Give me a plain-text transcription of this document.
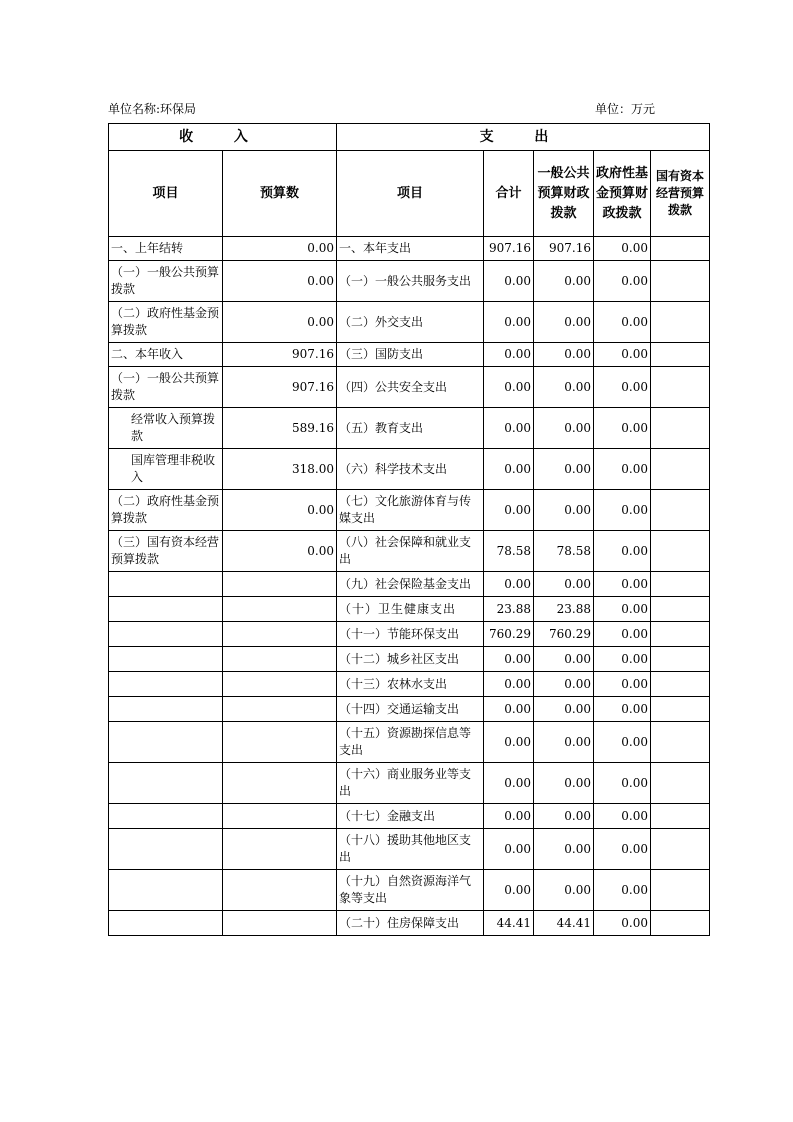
单位名称:环保局	单位：万元
收 入		支 出				
项目	预算数	项目	合计	一般公共预算财政拨款	政府性基金预算财政拨款	国有资本经营预算拨款
一、上年结转	0.00	一、本年支出	907.16	907.16	0.00	
（一）一般公共预算拨款	0.00	（一）一般公共服务支出	0.00	0.00	0.00	
（二）政府性基金预算拨款	0.00	（二）外交支出	0.00	0.00	0.00	
二、本年收入	907.16	（三）国防支出	0.00	0.00	0.00	
（一）一般公共预算拨款	907.16	（四）公共安全支出	0.00	0.00	0.00	
经常收入预算拨款	589.16	（五）教育支出	0.00	0.00	0.00	
国库管理非税收入	318.00	（六）科学技术支出	0.00	0.00	0.00	
（二）政府性基金预算拨款	0.00	（七）文化旅游体育与传媒支出	0.00	0.00	0.00	
（三）国有资本经营预算拨款	0.00	（八）社会保障和就业支出	78.58	78.58	0.00	
		（九）社会保险基金支出	0.00	0.00	0.00	
		（十）卫生健康支出	23.88	23.88	0.00	
		（十一）节能环保支出	760.29	760.29	0.00	
		（十二）城乡社区支出	0.00	0.00	0.00	
		（十三）农林水支出	0.00	0.00	0.00	
		（十四）交通运输支出	0.00	0.00	0.00	
		（十五）资源勘探信息等支出	0.00	0.00	0.00	
		（十六）商业服务业等支出	0.00	0.00	0.00	
		（十七）金融支出	0.00	0.00	0.00	
		（十八）援助其他地区支出	0.00	0.00	0.00	
		（十九）自然资源海洋气象等支出	0.00	0.00	0.00	
		（二十）住房保障支出	44.41	44.41	0.00	
